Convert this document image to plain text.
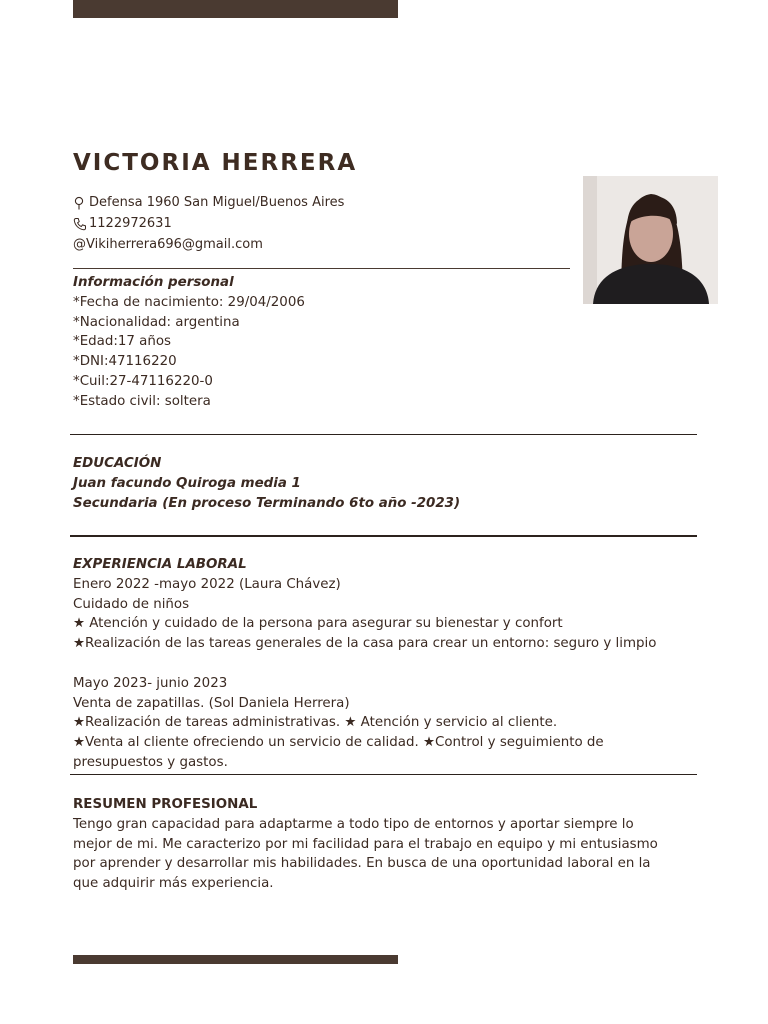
VICTORIA HERRERA
Defensa 1960 San Miguel/Buenos Aires
1122972631
@Vikiherrera696@gmail.com
Información personal
*Fecha de nacimiento: 29/04/2006
*Nacionalidad: argentina
*Edad:17 años
*DNI:47116220
*Cuil:27-47116220-0
*Estado civil: soltera
EDUCACIÓN
Juan facundo Quiroga media 1
Secundaria (En proceso Terminando 6to año -2023)
EXPERIENCIA LABORAL
Enero 2022 -mayo 2022 (Laura Chávez)
Cuidado de niños
★ Atención y cuidado de la persona para asegurar su bienestar y confort
★Realización de las tareas generales de la casa para crear un entorno: seguro y limpio
Mayo 2023- junio 2023
Venta de zapatillas. (Sol Daniela Herrera)
★Realización de tareas administrativas. ★ Atención y servicio al cliente.
★Venta al cliente ofreciendo un servicio de calidad. ★Control y seguimiento de
presupuestos y gastos.
RESUMEN PROFESIONAL
Tengo gran capacidad para adaptarme a todo tipo de entornos y aportar siempre lo
mejor de mi. Me caracterizo por mi facilidad para el trabajo en equipo y mi entusiasmo
por aprender y desarrollar mis habilidades. En busca de una oportunidad laboral en la
que adquirir más experiencia.
